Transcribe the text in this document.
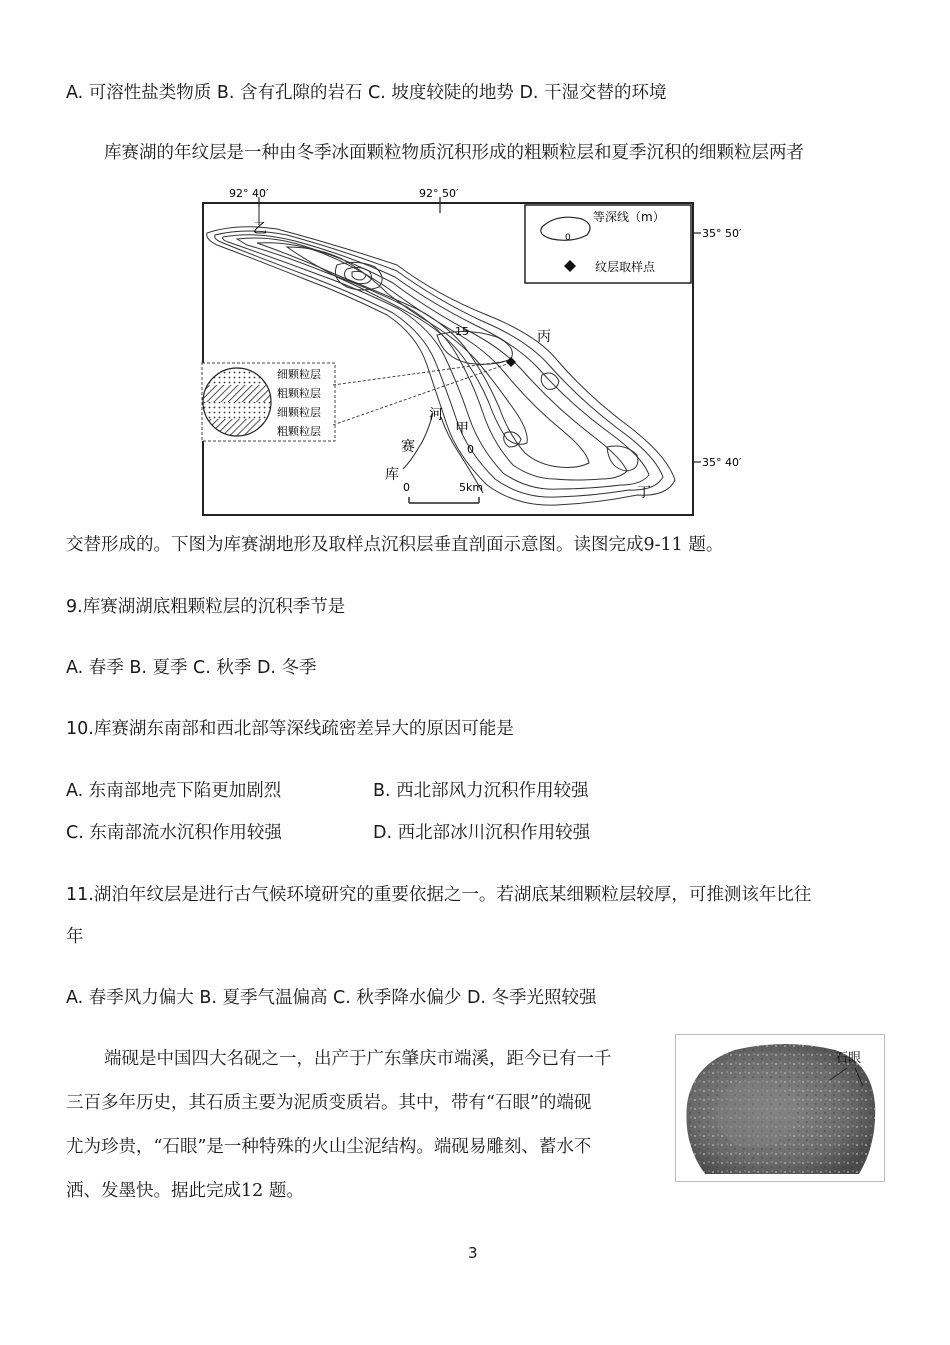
A. 可溶性盐类物质 B. 含有孔隙的岩石 C. 坡度较陡的地势 D. 干湿交替的环境
库赛湖的年纹层是一种由冬季冰面颗粒物质沉积形成的粗颗粒层和夏季沉积的细颗粒层两者
92° 40′	92° 50′
35° 50′
35° 40′
0
等深线（m）
纹层取样点
乙
丙
甲
丁
河
赛
库
15
0
0	5km
细颗粒层
粗颗粒层
细颗粒层
粗颗粒层
交替形成的。下图为库赛湖地形及取样点沉积层垂直剖面示意图。读图完成9-11 题。
9.库赛湖湖底粗颗粒层的沉积季节是
A. 春季 B. 夏季 C. 秋季 D. 冬季
10.库赛湖东南部和西北部等深线疏密差异大的原因可能是
A. 东南部地壳下陷更加剧烈	B. 西北部风力沉积作用较强
C. 东南部流水沉积作用较强	D. 西北部冰川沉积作用较强
11.湖泊年纹层是进行古气候环境研究的重要依据之一。若湖底某细颗粒层较厚，可推测该年比往
年
A. 春季风力偏大 B. 夏季气温偏高 C. 秋季降水偏少 D. 冬季光照较强
端砚是中国四大名砚之一，出产于广东肇庆市端溪，距今已有一千
三百多年历史，其石质主要为泥质变质岩。其中，带有“石眼”的端砚
尤为珍贵，“石眼”是一种特殊的火山尘泥结构。端砚易雕刻、蓄水不
洒、发墨快。据此完成12 题。
石眼
3
